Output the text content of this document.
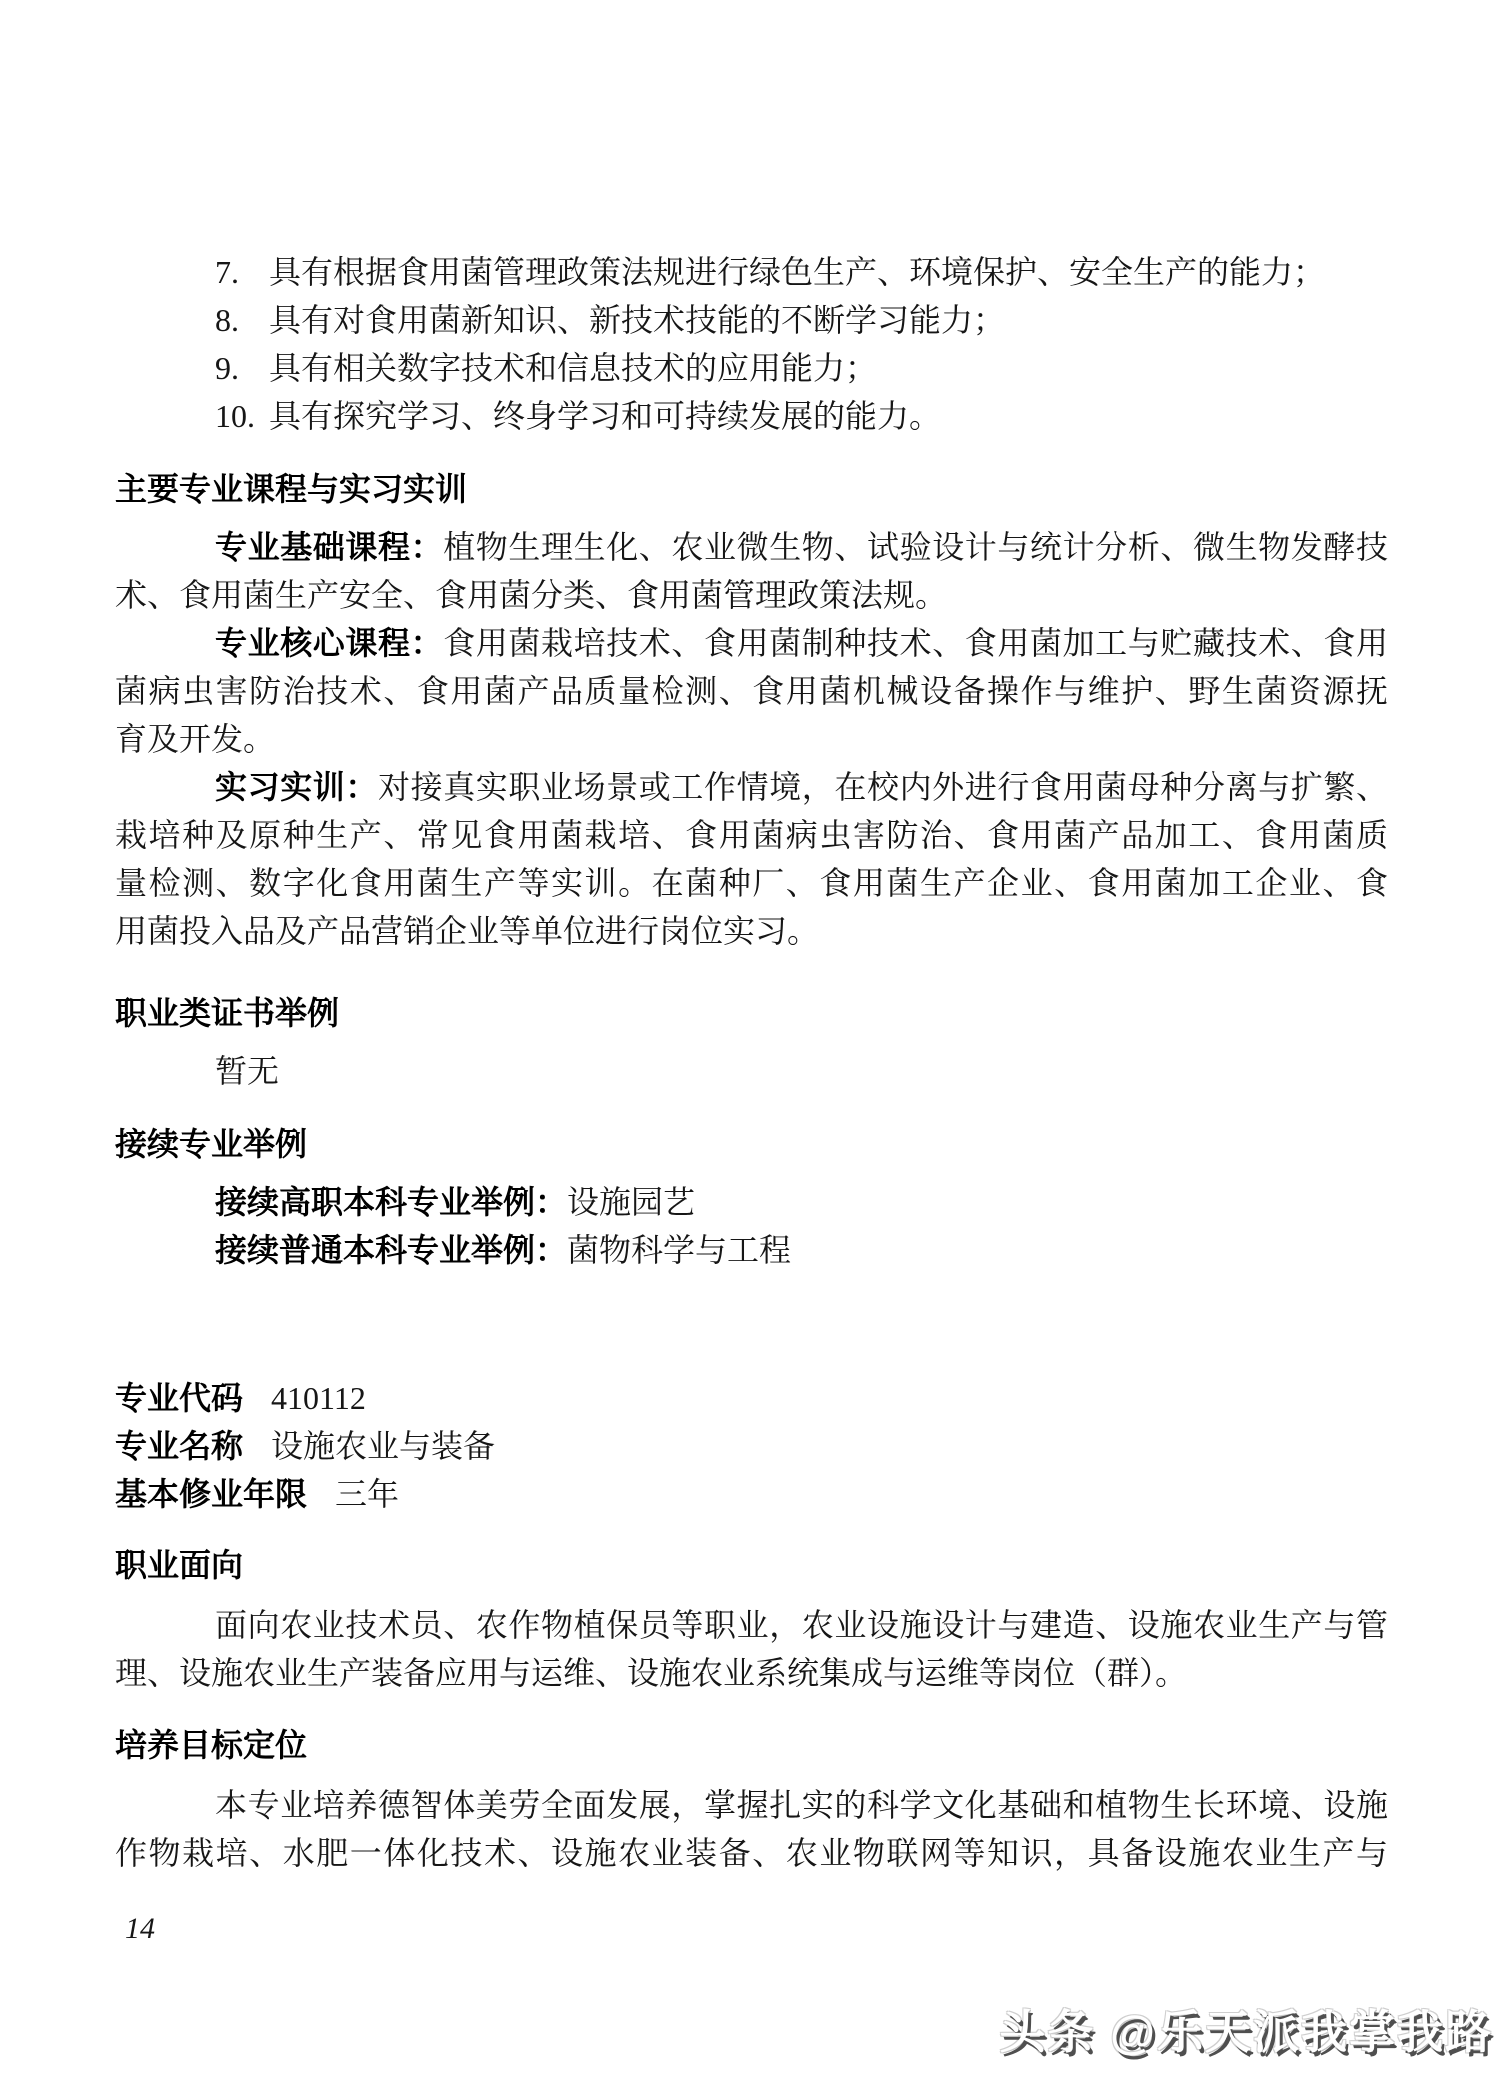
7. 具有根据食用菌管理政策法规进行绿色生产、环境保护、安全生产的能力；
8. 具有对食用菌新知识、新技术技能的不断学习能力；
9. 具有相关数字技术和信息技术的应用能力；
10. 具有探究学习、终身学习和可持续发展的能力。
主要专业课程与实习实训
专业基础课程：植物生理生化、农业微生物、试验设计与统计分析、微生物发酵技
术、食用菌生产安全、食用菌分类、食用菌管理政策法规。
专业核心课程：食用菌栽培技术、食用菌制种技术、食用菌加工与贮藏技术、食用
菌病虫害防治技术、食用菌产品质量检测、食用菌机械设备操作与维护、野生菌资源抚
育及开发。
实习实训：对接真实职业场景或工作情境，在校内外进行食用菌母种分离与扩繁、
栽培种及原种生产、常见食用菌栽培、食用菌病虫害防治、食用菌产品加工、食用菌质
量检测、数字化食用菌生产等实训。在菌种厂、食用菌生产企业、食用菌加工企业、食
用菌投入品及产品营销企业等单位进行岗位实习。
职业类证书举例
暂无
接续专业举例
接续高职本科专业举例：设施园艺
接续普通本科专业举例：菌物科学与工程
专业代码 410112
专业名称 设施农业与装备
基本修业年限 三年
职业面向
面向农业技术员、农作物植保员等职业，农业设施设计与建造、设施农业生产与管
理、设施农业生产装备应用与运维、设施农业系统集成与运维等岗位（群）。
培养目标定位
本专业培养德智体美劳全面发展，掌握扎实的科学文化基础和植物生长环境、设施
作物栽培、水肥一体化技术、设施农业装备、农业物联网等知识，具备设施农业生产与
14
头条 @乐天派我掌我路
